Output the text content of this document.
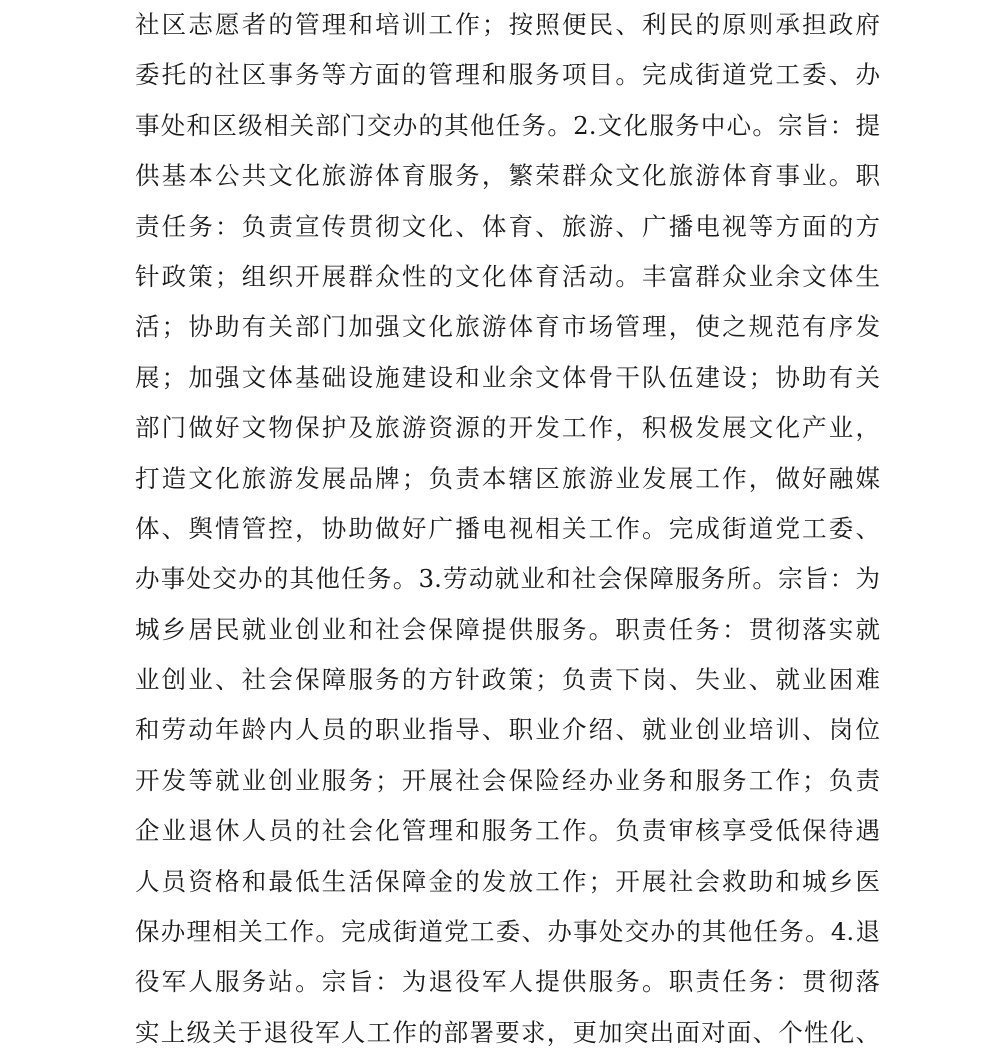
社区志愿者的管理和培训工作；按照便民、利民的原则承担政府
委托的社区事务等方面的管理和服务项目。完成街道党工委、办
事处和区级相关部门交办的其他任务。2.文化服务中心。宗旨：提
供基本公共文化旅游体育服务，繁荣群众文化旅游体育事业。职
责任务：负责宣传贯彻文化、体育、旅游、广播电视等方面的方
针政策；组织开展群众性的文化体育活动。丰富群众业余文体生
活；协助有关部门加强文化旅游体育市场管理，使之规范有序发
展；加强文体基础设施建设和业余文体骨干队伍建设；协助有关
部门做好文物保护及旅游资源的开发工作，积极发展文化产业，
打造文化旅游发展品牌；负责本辖区旅游业发展工作，做好融媒
体、舆情管控，协助做好广播电视相关工作。完成街道党工委、
办事处交办的其他任务。3.劳动就业和社会保障服务所。宗旨：为
城乡居民就业创业和社会保障提供服务。职责任务：贯彻落实就
业创业、社会保障服务的方针政策；负责下岗、失业、就业困难
和劳动年龄内人员的职业指导、职业介绍、就业创业培训、岗位
开发等就业创业服务；开展社会保险经办业务和服务工作；负责
企业退休人员的社会化管理和服务工作。负责审核享受低保待遇
人员资格和最低生活保障金的发放工作；开展社会救助和城乡医
保办理相关工作。完成街道党工委、办事处交办的其他任务。4.退
役军人服务站。宗旨：为退役军人提供服务。职责任务：贯彻落
实上级关于退役军人工作的部署要求，更加突出面对面、个性化、
